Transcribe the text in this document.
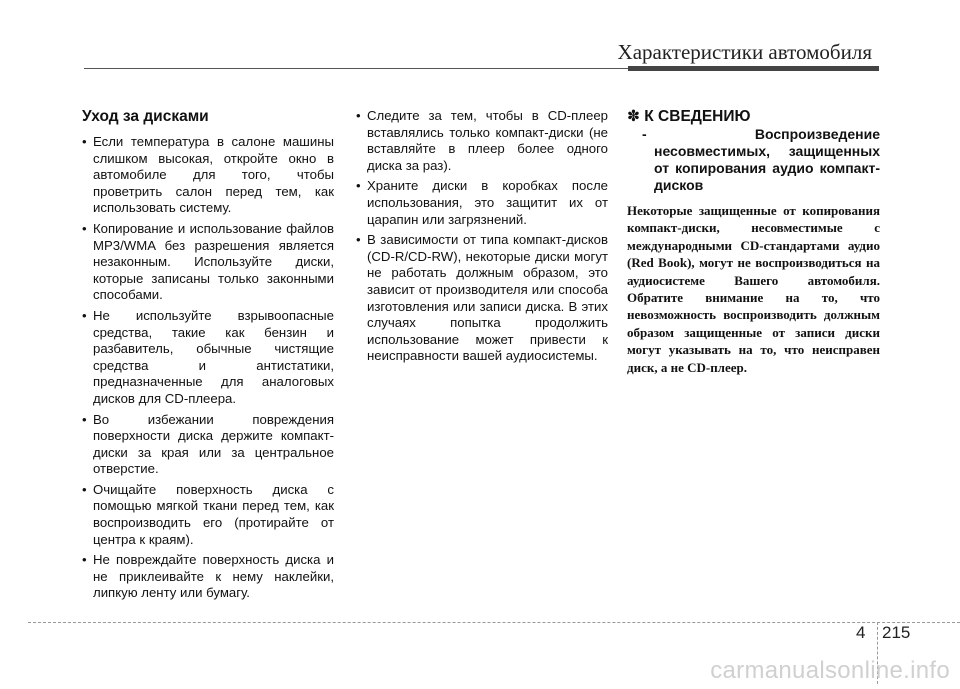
Характеристики автомобиля
Уход за дисками
• Если температура в салоне машины слишком высокая, откройте окно в автомобиле для того, чтобы проветрить салон перед тем, как использовать систему.
• Копирование и использование файлов MP3/WMA без разрешения является незаконным. Используйте диски, которые записаны только законными способами.
• Не используйте взрывоопасные средства, такие как бензин и разбавитель, обычные чистящие средства и антистатики, предназначенные для аналоговых дисков для CD-плеера.
• Во избежании повреждения поверхности диска держите компакт-диски за края или за центральное отверстие.
• Очищайте поверхность диска с помощью мягкой ткани перед тем, как воспроизводить его (протирайте от центра к краям).
• Не повреждайте поверхность диска и не приклеивайте к нему наклейки, липкую ленту или бумагу.
• Следите за тем, чтобы в CD-плеер вставлялись только компакт-диски (не вставляйте в плеер более одного диска за раз).
• Храните диски в коробках после использования, это защитит их от царапин или загрязнений.
• В зависимости от типа компакт-дисков (CD-R/CD-RW), некоторые диски могут не работать должным образом, это зависит от производителя или способа изготовления или записи диска. В этих случаях попытка продолжить использование может привести к неисправности вашей аудиосистемы.
✽ К СВЕДЕНИЮ
- Воспроизведение несовместимых, защищенных от копирования аудио компакт-дисков
Некоторые защищенные от копирования компакт-диски, несовместимые с международными CD-стандартами аудио (Red Book), могут не воспроизводиться на аудиосистеме Вашего автомобиля. Обратите внимание на то, что невозможность воспроизводить должным образом защищенные от записи диски могут указывать на то, что неисправен диск, а не CD-плеер.
4 215
carmanualsonline.info
